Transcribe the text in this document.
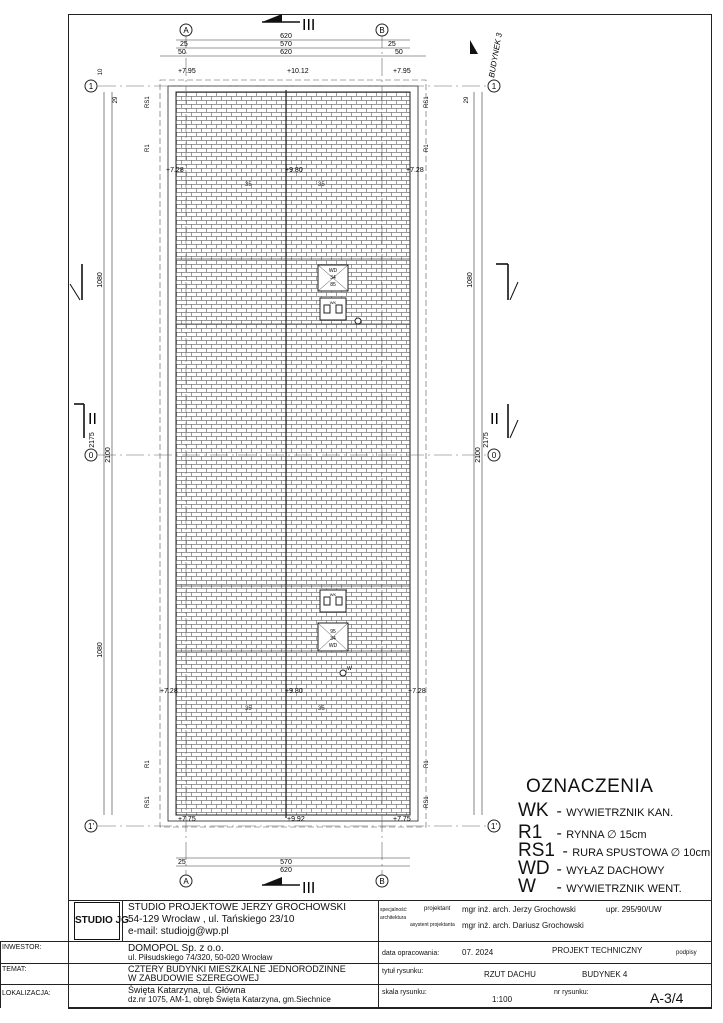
A	B
A	B
1	1
0	0
1'	1'
620
570
620
25	25
50	50
570
620
25
1080
1080
2100
2175
1080
2100
2175
10
29	29
+7.95	+10.12	+7.95
+7.28	+9.80	+7.28
+7.28	+9.80	+7.28
+7.75	+9.92	+7.75
35	35
35	35
RS1
R1
RS1
R1
RS1
R1
RS1
R1
WD
34
85
WK
WK
95
34
WD
W
III
III
II	II
BUDYNEK 3
OZNACZENIA
WK - WYWIETRZNIK KAN.
R1 - RYNNA ∅ 15cm
RS1 - RURA SPUSTOWA ∅ 10cm
WD - WYŁAZ DACHOWY
W - WYWIETRZNIK WENT.
STUDIO JG
STUDIO PROJEKTOWE JERZY GROCHOWSKI
54-129 Wrocław , ul. Tańskiego 23/10
e-mail: studiojg@wp.pl
specjalność: architektura
projektant mgr inż. arch. Jerzy Grochowski	upr. 295/90/UW
asystent projektanta mgr inż. arch. Dariusz Grochowski
INWESTOR:	DOMOPOL Sp. z o.o.
ul. Piłsudskiego 74/320, 50-020 Wrocław	data opracowania:	07. 2024	PROJEKT TECHNICZNY	podpisy
TEMAT:	CZTERY BUDYNKI MIESZKALNE JEDNORODZINNE
W ZABUDOWIE SZEREGOWEJ
tytuł rysunku:	RZUT DACHU	BUDYNEK 4
LOKALIZACJA:	Święta Katarzyna, ul. Główna
dz.nr 1075, AM-1, obręb Święta Katarzyna, gm.Siechnice
skala rysunku:
1:100
nr rysunku:	A-3/4
